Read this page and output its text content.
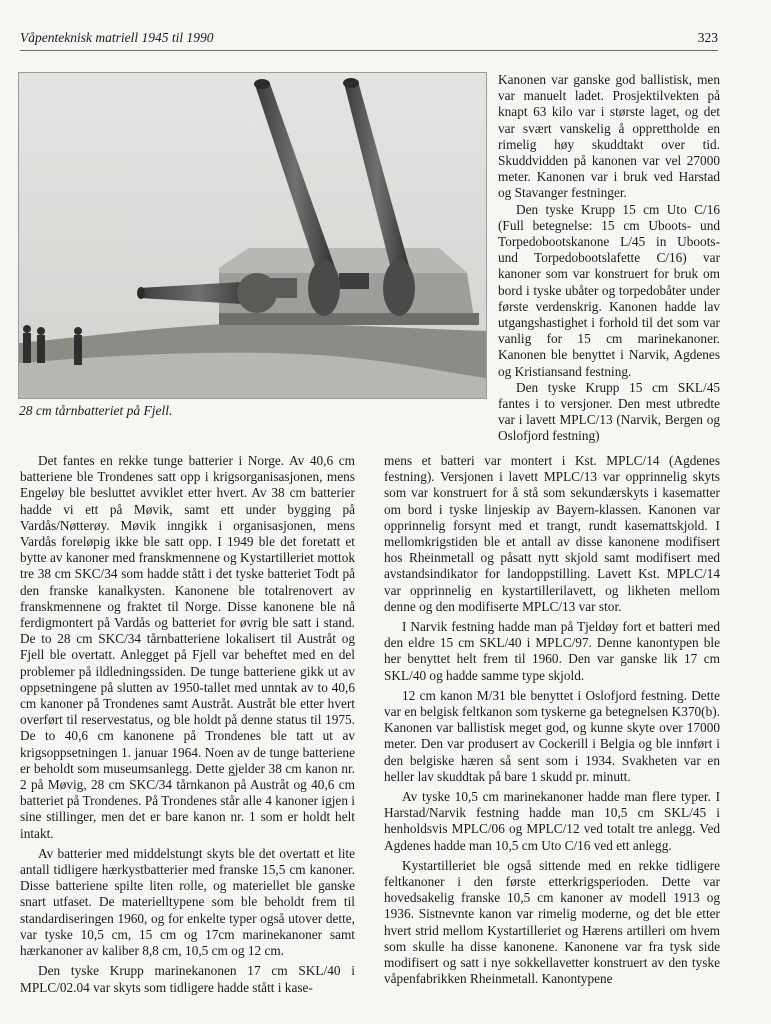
Våpenteknisk matriell 1945 til 1990	323
28 cm tårnbatteriet på Fjell.

Kanonen var ganske god ballistisk, men var manuelt ladet. Prosjektilvekten på knapt 63 kilo var i største laget, og det var svært vanskelig å opprettholde en rimelig høy skuddtakt over tid. Skuddvidden på kanonen var vel 27000 meter. Kanonen var i bruk ved Harstad og Stavanger festninger.

Den tyske Krupp 15 cm Uto C/16 (Full betegnelse: 15 cm Uboots- und Torpedobootskanone L/45 in Uboots- und Torpedobootslafette C/16) var kanoner som var konstruert for bruk om bord i tyske ubåter og torpedobåter under første verdenskrig. Kanonen hadde lav utgangshastighet i forhold til det som var vanlig for 15 cm marinekanoner. Kanonen ble benyttet i Narvik, Agdenes og Kristiansand festning.

Den tyske Krupp 15 cm SKL/45 fantes i to versjoner. Den mest utbredte var i lavett MPLC/13 (Narvik, Bergen og Oslofjord festning)

Det fantes en rekke tunge batterier i Norge. Av 40,6 cm batteriene ble Trondenes satt opp i krigsorganisasjonen, mens Engeløy ble besluttet avviklet etter hvert. Av 38 cm batterier hadde vi ett på Møvik, samt ett under bygging på Vardås/Nøtterøy. Møvik inngikk i organisasjonen, mens Vardås foreløpig ikke ble satt opp. I 1949 ble det foretatt et bytte av kanoner med franskmennene og Kystartilleriet mottok tre 38 cm SKC/34 som hadde stått i det tyske batteriet Todt på den franske kanalkysten. Kanonene ble totalrenovert av franskmennene og fraktet til Norge. Disse kanonene ble nå ferdigmontert på Vardås og batteriet for øvrig ble satt i stand. De to 28 cm SKC/34 tårnbatteriene lokalisert til Austråt og Fjell ble overtatt. Anlegget på Fjell var beheftet med en del problemer på ildledningssiden. De tunge batteriene gikk ut av oppsetningene på slutten av 1950-tallet med unntak av to 40,6 cm kanoner på Trondenes samt Austråt. Austråt ble etter hvert overført til reservestatus, og ble holdt på denne status til 1975. De to 40,6 cm kanonene på Trondenes ble tatt ut av krigsoppsetningen 1. januar 1964. Noen av de tunge batteriene er beholdt som museumsanlegg. Dette gjelder 38 cm kanon nr. 2 på Møvig, 28 cm SKC/34 tårnkanon på Austråt og 40,6 cm batteriet på Trondenes. På Trondenes står alle 4 kanoner igjen i sine stillinger, men det er bare kanon nr. 1 som er holdt helt intakt.

Av batterier med middelstungt skyts ble det overtatt et lite antall tidligere hærkystbatterier med franske 15,5 cm kanoner. Disse batteriene spilte liten rolle, og materiellet ble ganske snart utfaset. De materielltypene som ble beholdt frem til standardiseringen 1960, og for enkelte typer også utover dette, var tyske 10,5 cm, 15 cm og 17cm marinekanoner samt hærkanoner av kaliber 8,8 cm, 10,5 cm og 12 cm.

Den tyske Krupp marinekanonen 17 cm SKL/40 i MPLC/02.04 var skyts som tidligere hadde stått i kase-

mens et batteri var montert i Kst. MPLC/14 (Agdenes festning). Versjonen i lavett MPLC/13 var opprinnelig skyts som var konstruert for å stå som sekundærskyts i kasematter om bord i tyske linjeskip av Bayern-klassen. Kanonen var opprinnelig forsynt med et trangt, rundt kasemattskjold. I mellomkrigstiden ble et antall av disse kanonene modifisert hos Rheinmetall og påsatt nytt skjold samt modifisert med avstandsindikator for landoppstilling. Lavett Kst. MPLC/14 var opprinnelig en kystartillerilavett, og likheten mellom denne og den modifiserte MPLC/13 var stor.

I Narvik festning hadde man på Tjeldøy fort et batteri med den eldre 15 cm SKL/40 i MPLC/97. Denne kanontypen ble her benyttet helt frem til 1960. Den var ganske lik 17 cm SKL/40 og hadde samme type skjold.

12 cm kanon M/31 ble benyttet i Oslofjord festning. Dette var en belgisk feltkanon som tyskerne ga betegnelsen K370(b). Kanonen var ballistisk meget god, og kunne skyte over 17000 meter. Den var produsert av Cockerill i Belgia og ble innført i den belgiske hæren så sent som i 1934. Svakheten var en heller lav skuddtak på bare 1 skudd pr. minutt.

Av tyske 10,5 cm marinekanoner hadde man flere typer. I Harstad/Narvik festning hadde man 10,5 cm SKL/45 i henholdsvis MPLC/06 og MPLC/12 ved totalt tre anlegg. Ved Agdenes hadde man 10,5 cm Uto C/16 ved ett anlegg.

Kystartilleriet ble også sittende med en rekke tidligere feltkanoner i den første etterkrigsperioden. Dette var hovedsakelig franske 10,5 cm kanoner av modell 1913 og 1936. Sistnevnte kanon var rimelig moderne, og det ble etter hvert strid mellom Kystartilleriet og Hærens artilleri om hvem som skulle ha disse kanonene. Kanonene var fra tysk side modifisert og satt i nye sokkellavetter konstruert av den tyske våpenfabrikken Rheinmetall. Kanontypene
